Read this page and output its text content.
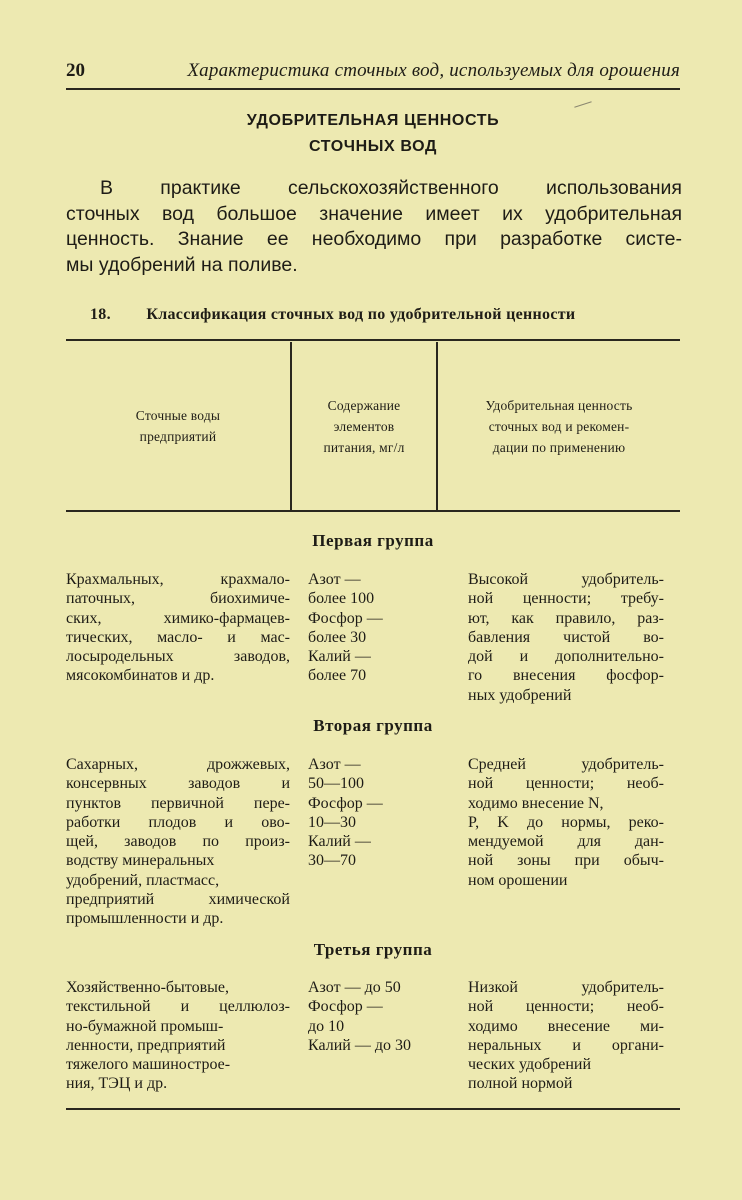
20	Характеристика сточных вод, используемых для орошения
УДОБРИТЕЛЬНАЯ ЦЕННОСТЬ
СТОЧНЫХ ВОД
В практике сельскохозяйственного использования
сточных вод большое значение имеет их удобрительная
ценность. Знание ее необходимо при разработке систе-
мы удобрений на поливе.
18. Классификация сточных вод по удобрительной ценности
Сточные воды
предприятий
Содержание
элементов
питания, мг/л
Удобрительная ценность
сточных вод и рекомен-
дации по применению
Первая группа
Крахмальных, крахмало-
паточных, биохимиче-
ских, химико-фармацев-
тических, масло- и мас-
лосыродельных заводов,
мясокомбинатов и др.
Азот —
более 100
Фосфор —
более 30
Калий —
более 70
Высокой удобритель-
ной ценности; требу-
ют, как правило, раз-
бавления чистой во-
дой и дополнительно-
го внесения фосфор-
ных удобрений
Вторая группа
Сахарных, дрожжевых,
консервных заводов и
пунктов первичной пере-
работки плодов и ово-
щей, заводов по произ-
водству минеральных
удобрений, пластмасс,
предприятий химической
промышленности и др.
Азот —
50—100
Фосфор —
10—30
Калий —
30—70
Средней удобритель-
ной ценности; необ-
ходимо внесение N,
P, K до нормы, реко-
мендуемой для дан-
ной зоны при обыч-
ном орошении
Третья группа
Хозяйственно-бытовые,
текстильной и целлюлоз-
но-бумажной промыш-
ленности, предприятий
тяжелого машинострое-
ния, ТЭЦ и др.
Азот — до 50
Фосфор —
до 10
Калий — до 30
Низкой удобритель-
ной ценности; необ-
ходимо внесение ми-
неральных и органи-
ческих удобрений
полной нормой
